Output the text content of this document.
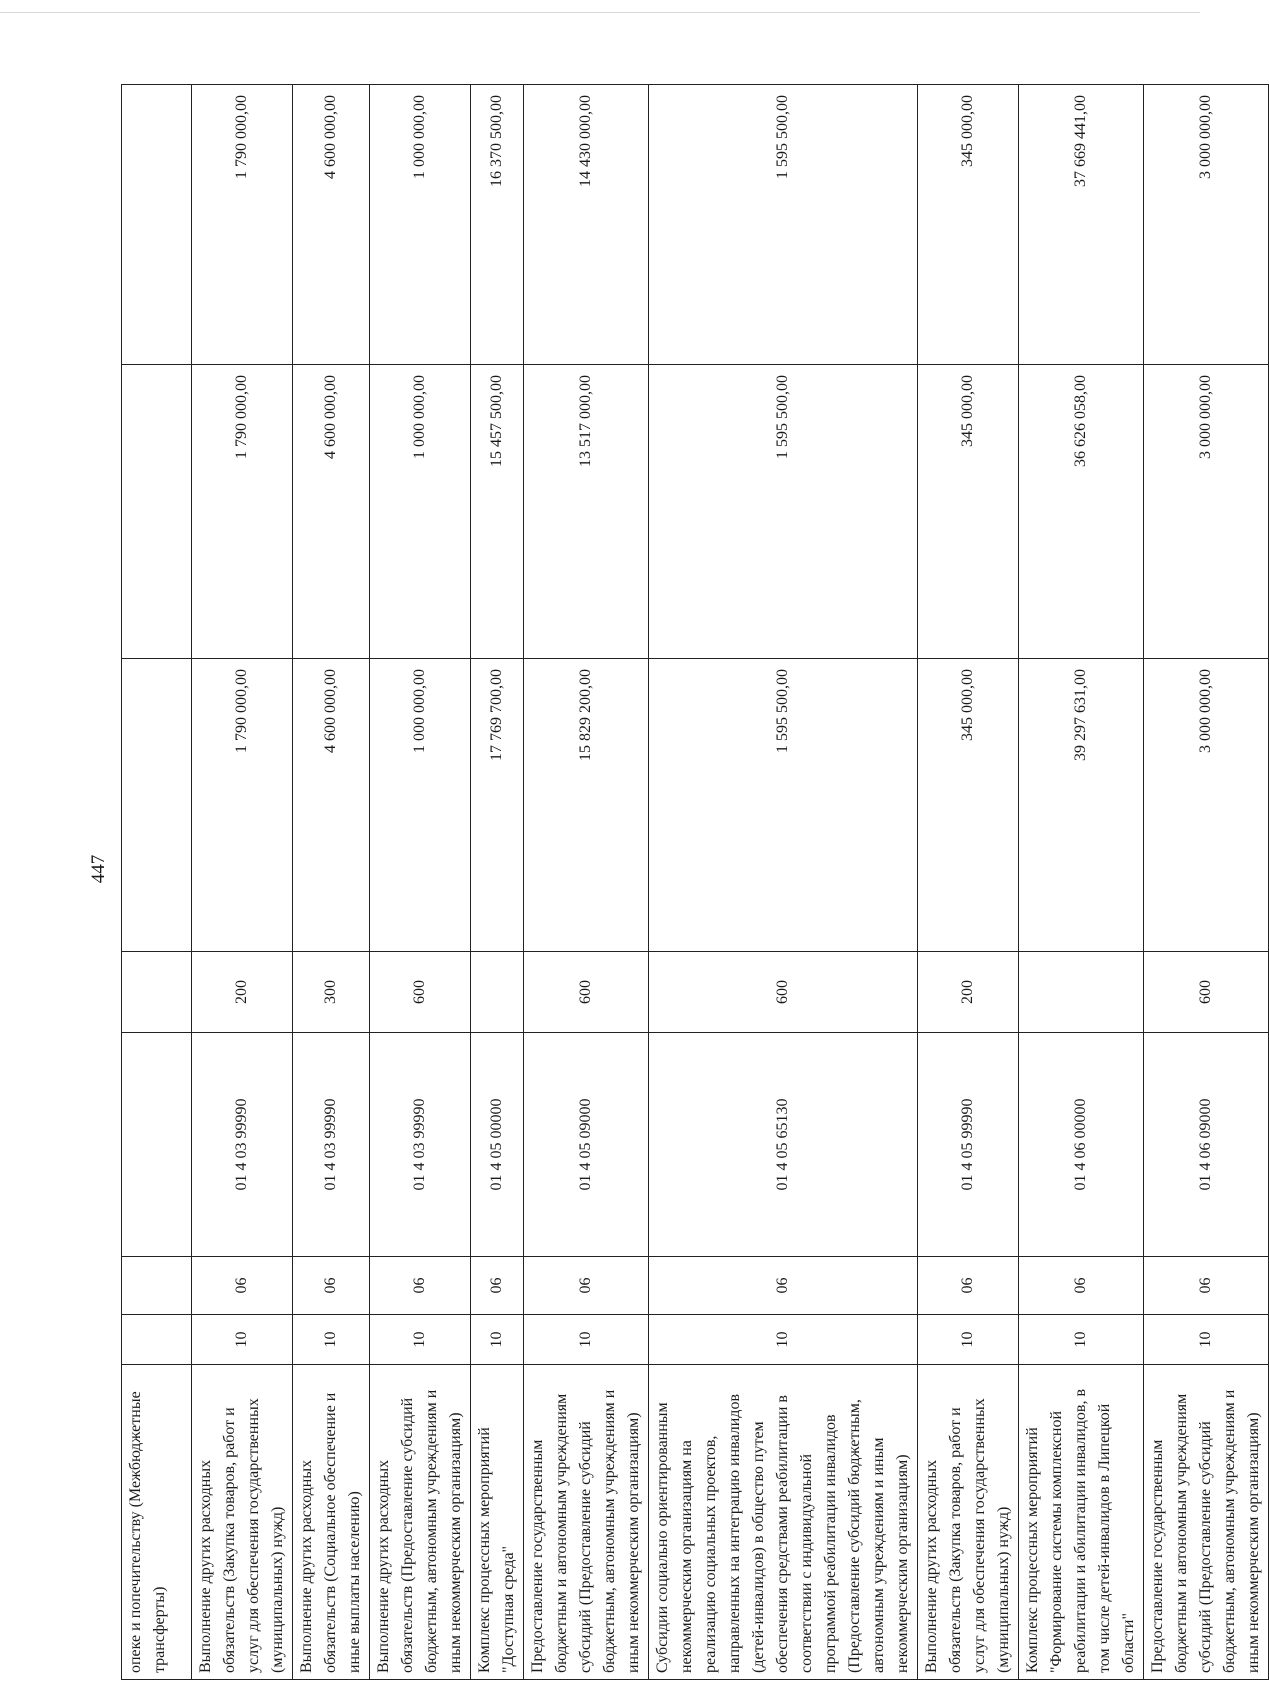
447
опеке и попечительству (Межбюджетные трансферты)							
Выполнение других расходных обязательств (Закупка товаров, работ и услуг для обеспечения государственных (муниципальных) нужд)	10	06	01 4 03 99990	200	1 790 000,00	1 790 000,00	1 790 000,00
Выполнение других расходных обязательств (Социальное обеспечение и иные выплаты населению)	10	06	01 4 03 99990	300	4 600 000,00	4 600 000,00	4 600 000,00
Выполнение других расходных обязательств (Предоставление субсидий бюджетным, автономным учреждениям и иным некоммерческим организациям)	10	06	01 4 03 99990	600	1 000 000,00	1 000 000,00	1 000 000,00
Комплекс процессных мероприятий "Доступная среда"	10	06	01 4 05 00000		17 769 700,00	15 457 500,00	16 370 500,00
Предоставление государственным бюджетным и автономным учреждениям субсидий (Предоставление субсидий бюджетным, автономным учреждениям и иным некоммерческим организациям)	10	06	01 4 05 09000	600	15 829 200,00	13 517 000,00	14 430 000,00
Субсидии социально ориентированным некоммерческим организациям на реализацию социальных проектов, направленных на интеграцию инвалидов (детей-инвалидов) в общество путем обеспечения средствами реабилитации в соответствии с индивидуальной программой реабилитации инвалидов (Предоставление субсидий бюджетным, автономным учреждениям и иным некоммерческим организациям)	10	06	01 4 05 65130	600	1 595 500,00	1 595 500,00	1 595 500,00
Выполнение других расходных обязательств (Закупка товаров, работ и услуг для обеспечения государственных (муниципальных) нужд)	10	06	01 4 05 99990	200	345 000,00	345 000,00	345 000,00
Комплекс процессных мероприятий "Формирование системы комплексной реабилитации и абилитации инвалидов, в том числе детей-инвалидов в Липецкой области"	10	06	01 4 06 00000		39 297 631,00	36 626 058,00	37 669 441,00
Предоставление государственным бюджетным и автономным учреждениям субсидий (Предоставление субсидий бюджетным, автономным учреждениям и иным некоммерческим организациям)	10	06	01 4 06 09000	600	3 000 000,00	3 000 000,00	3 000 000,00
